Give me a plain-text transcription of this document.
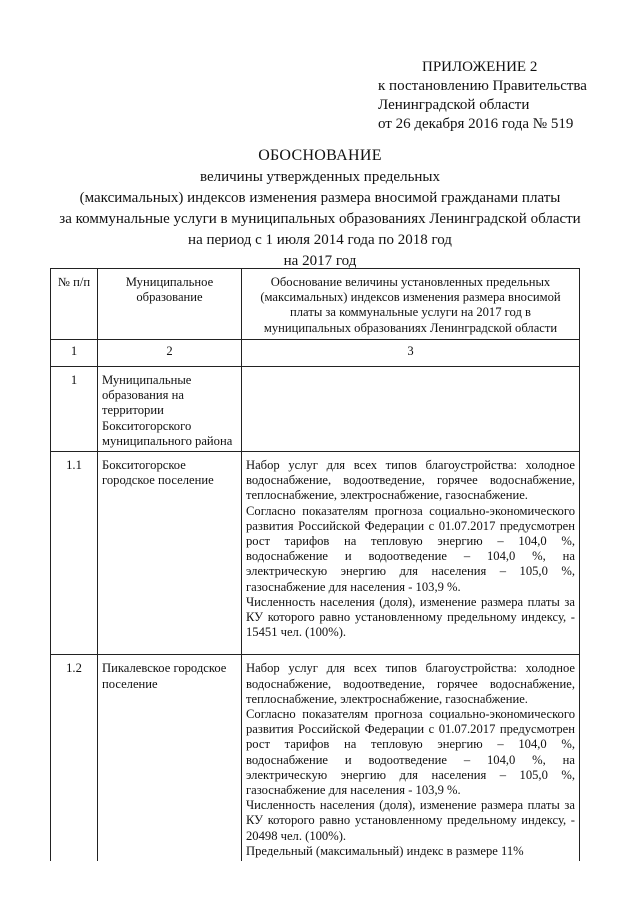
ПРИЛОЖЕНИЕ 2
к постановлению Правительства
Ленинградской области
от 26 декабря 2016 года № 519
ОБОСНОВАНИЕ
величины утвержденных предельных
(максимальных) индексов изменения размера вносимой гражданами платы
за коммунальные услуги в муниципальных образованиях Ленинградской области
на период с 1 июля 2014 года по 2018 год
на 2017 год
№ п/п	Муниципальное образование	Обоснование величины установленных предельных (максимальных) индексов изменения размера вносимой платы за коммунальные услуги на 2017 год в муниципальных образованиях Ленинградской области
1	2	3
1	Муниципальные образования на территории Бокситогорского муниципального района	
1.1	Бокситогорское городское поселение	Набор услуг для всех типов благоустройства: холодное водоснабжение, водоотведение, горячее водоснабжение, теплоснабжение, электроснабжение, газоснабжение.
Согласно показателям прогноза социально-экономического развития Российской Федерации с 01.07.2017 предусмотрен рост тарифов на тепловую энергию – 104,0 %, водоснабжение и водоотведение – 104,0 %, на электрическую энергию для населения – 105,0 %, газоснабжение для населения - 103,9 %.
Численность населения (доля), изменение размера платы за КУ которого равно установленному предельному индексу, - 15451 чел. (100%).

1.2	Пикалевское городское поселение	Набор услуг для всех типов благоустройства: холодное водоснабжение, водоотведение, горячее водоснабжение, теплоснабжение, электроснабжение, газоснабжение.
Согласно показателям прогноза социально-экономического развития Российской Федерации с 01.07.2017 предусмотрен рост тарифов на тепловую энергию – 104,0 %, водоснабжение и водоотведение – 104,0 %, на электрическую энергию для населения – 105,0 %, газоснабжение для населения - 103,9 %.
Численность населения (доля), изменение размера платы за КУ которого равно установленному предельному индексу, - 20498 чел. (100%).
Предельный (максимальный) индекс в размере 11%
